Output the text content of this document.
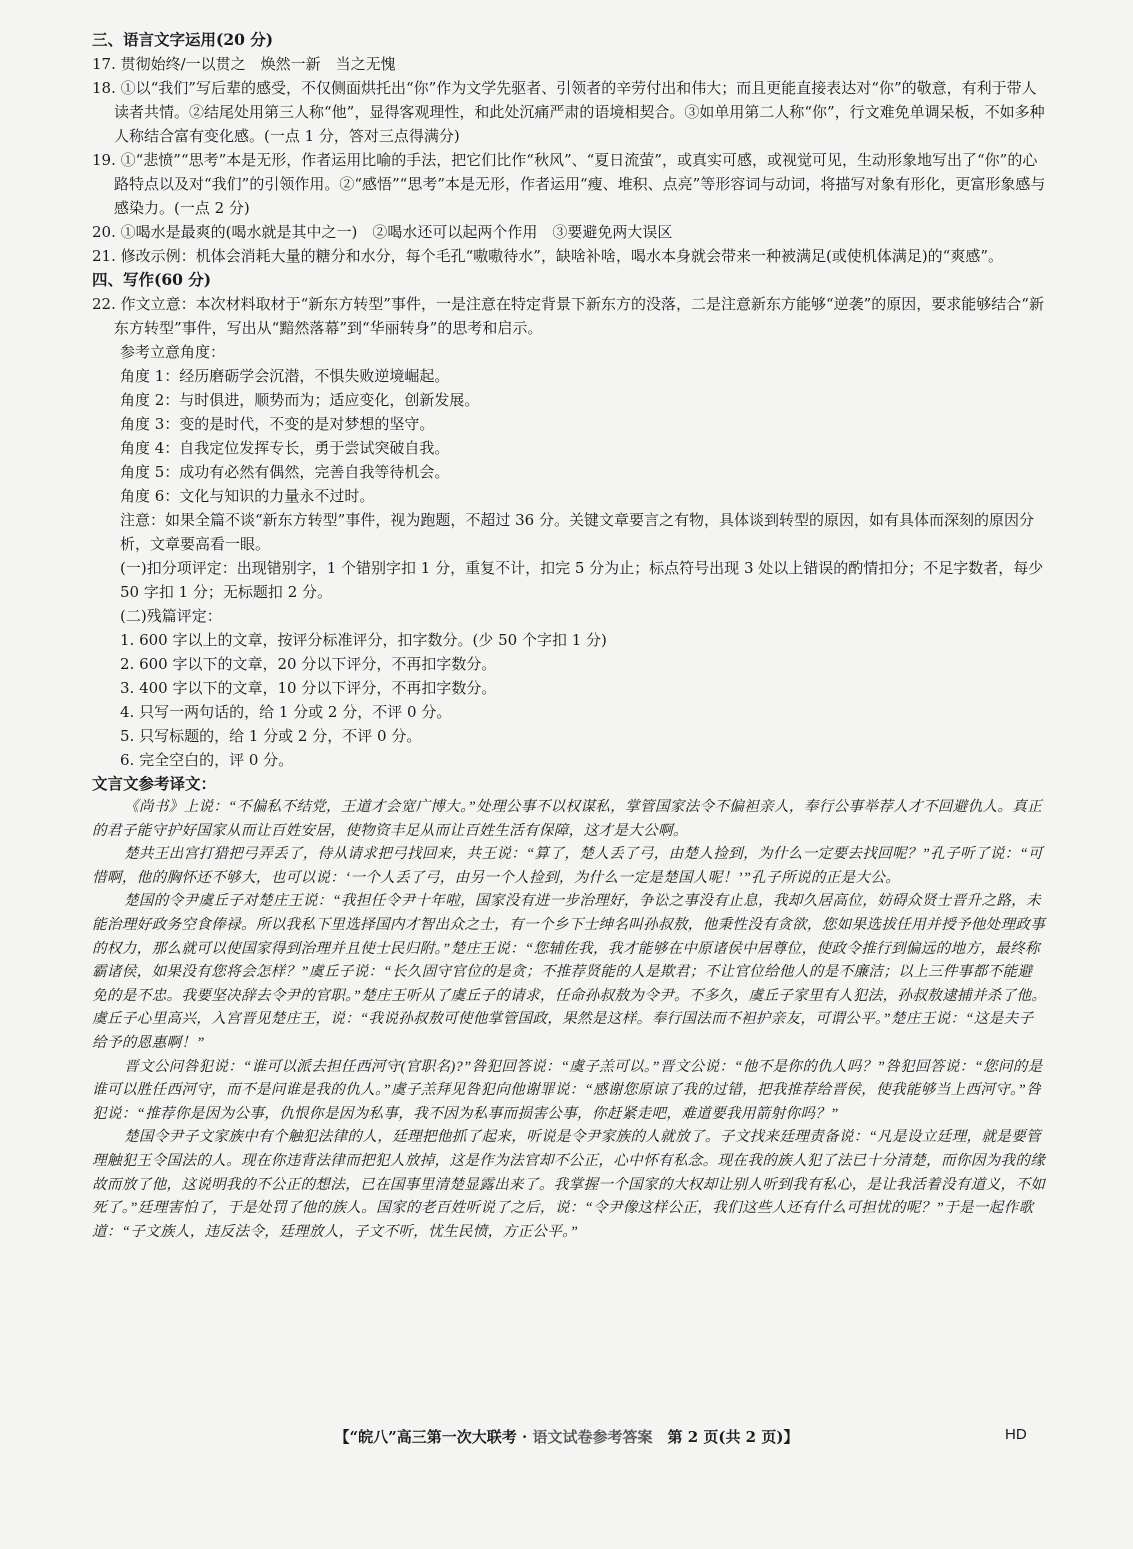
三、语言文字运用(20 分)

17. 贯彻始终/一以贯之　焕然一新　当之无愧

18. ①以“我们”写后辈的感受，不仅侧面烘托出“你”作为文学先驱者、引领者的辛劳付出和伟大；而且更能直接表达对“你”的敬意，有利于带人读者共情。②结尾处用第三人称“他”，显得客观理性，和此处沉痛严肃的语境相契合。③如单用第二人称“你”，行文难免单调呆板，不如多种人称结合富有变化感。(一点 1 分，答对三点得满分)

19. ①“悲愤”“思考”本是无形，作者运用比喻的手法，把它们比作“秋风”、“夏日流萤”，或真实可感，或视觉可见，生动形象地写出了“你”的心路特点以及对“我们”的引领作用。②“感悟”“思考”本是无形，作者运用“瘦、堆积、点亮”等形容词与动词，将描写对象有形化，更富形象感与感染力。(一点 2 分)

20. ①喝水是最爽的(喝水就是其中之一)　②喝水还可以起两个作用　③要避免两大误区

21. 修改示例：机体会消耗大量的糖分和水分，每个毛孔“嗷嗷待水”，缺啥补啥，喝水本身就会带来一种被满足(或使机体满足)的“爽感”。

四、写作(60 分)

22. 作文立意：本次材料取材于“新东方转型”事件，一是注意在特定背景下新东方的没落，二是注意新东方能够“逆袭”的原因，要求能够结合“新东方转型”事件，写出从“黯然落幕”到“华丽转身”的思考和启示。

参考立意角度：

角度 1：经历磨砺学会沉潜，不惧失败逆境崛起。

角度 2：与时俱进，顺势而为；适应变化，创新发展。

角度 3：变的是时代，不变的是对梦想的坚守。

角度 4：自我定位发挥专长，勇于尝试突破自我。

角度 5：成功有必然有偶然，完善自我等待机会。

角度 6：文化与知识的力量永不过时。

注意：如果全篇不谈“新东方转型”事件，视为跑题，不超过 36 分。关键文章要言之有物，具体谈到转型的原因，如有具体而深刻的原因分析，文章要高看一眼。

(一)扣分项评定：出现错别字，1 个错别字扣 1 分，重复不计，扣完 5 分为止；标点符号出现 3 处以上错误的酌情扣分；不足字数者，每少 50 字扣 1 分；无标题扣 2 分。

(二)残篇评定：

1. 600 字以上的文章，按评分标准评分，扣字数分。(少 50 个字扣 1 分)

2. 600 字以下的文章，20 分以下评分，不再扣字数分。

3. 400 字以下的文章，10 分以下评分，不再扣字数分。

4. 只写一两句话的，给 1 分或 2 分，不评 0 分。

5. 只写标题的，给 1 分或 2 分，不评 0 分。

6. 完全空白的，评 0 分。

文言文参考译文：

《尚书》上说：“不偏私不结党，王道才会宽广博大。”处理公事不以权谋私，掌管国家法令不偏袒亲人，奉行公事举荐人才不回避仇人。真正的君子能守护好国家从而让百姓安居，使物资丰足从而让百姓生活有保障，这才是大公啊。

楚共王出宫打猎把弓弄丢了，侍从请求把弓找回来，共王说：“算了，楚人丢了弓，由楚人捡到，为什么一定要去找回呢？”孔子听了说：“可惜啊，他的胸怀还不够大，也可以说：‘一个人丢了弓，由另一个人捡到，为什么一定是楚国人呢！’”孔子所说的正是大公。

楚国的令尹虞丘子对楚庄王说：“我担任令尹十年啦，国家没有进一步治理好，争讼之事没有止息，我却久居高位，妨碍众贤士晋升之路，未能治理好政务空食俸禄。所以我私下里选择国内才智出众之士，有一个乡下士绅名叫孙叔敖，他秉性没有贪欲，您如果选拔任用并授予他处理政事的权力，那么就可以使国家得到治理并且使士民归附。”楚庄王说：“您辅佐我，我才能够在中原诸侯中居尊位，使政令推行到偏远的地方，最终称霸诸侯，如果没有您将会怎样？”虞丘子说：“长久固守官位的是贪；不推荐贤能的人是欺君；不让官位给他人的是不廉洁；以上三件事都不能避免的是不忠。我要坚决辞去令尹的官职。”楚庄王听从了虞丘子的请求，任命孙叔敖为令尹。不多久，虞丘子家里有人犯法，孙叔敖逮捕并杀了他。虞丘子心里高兴，入宫晋见楚庄王，说：“我说孙叔敖可使他掌管国政，果然是这样。奉行国法而不袒护亲友，可谓公平。”楚庄王说：“这是夫子给予的恩惠啊！”

晋文公问咎犯说：“谁可以派去担任西河守(官职名)?”咎犯回答说：“虞子羔可以。”晋文公说：“他不是你的仇人吗？”咎犯回答说：“您问的是谁可以胜任西河守，而不是问谁是我的仇人。”虞子羔拜见咎犯向他谢罪说：“感谢您原谅了我的过错，把我推荐给晋侯，使我能够当上西河守。”咎犯说：“推荐你是因为公事，仇恨你是因为私事，我不因为私事而损害公事，你赶紧走吧，难道要我用箭射你吗？”

楚国令尹子文家族中有个触犯法律的人，廷理把他抓了起来，听说是令尹家族的人就放了。子文找来廷理责备说：“凡是设立廷理，就是要管理触犯王令国法的人。现在你违背法律而把犯人放掉，这是作为法官却不公正，心中怀有私念。现在我的族人犯了法已十分清楚，而你因为我的缘故而放了他，这说明我的不公正的想法，已在国事里清楚显露出来了。我掌握一个国家的大权却让别人听到我有私心，是让我活着没有道义，不如死了。”廷理害怕了，于是处罚了他的族人。国家的老百姓听说了之后，说：“令尹像这样公正，我们这些人还有什么可担忧的呢？”于是一起作歌道：“子文族人，违反法令，廷理放人，子文不听，忧生民愤，方正公平。”

【“皖八”高三第一次大联考 · 语文试卷参考答案　第 2 页(共 2 页)】	HD
